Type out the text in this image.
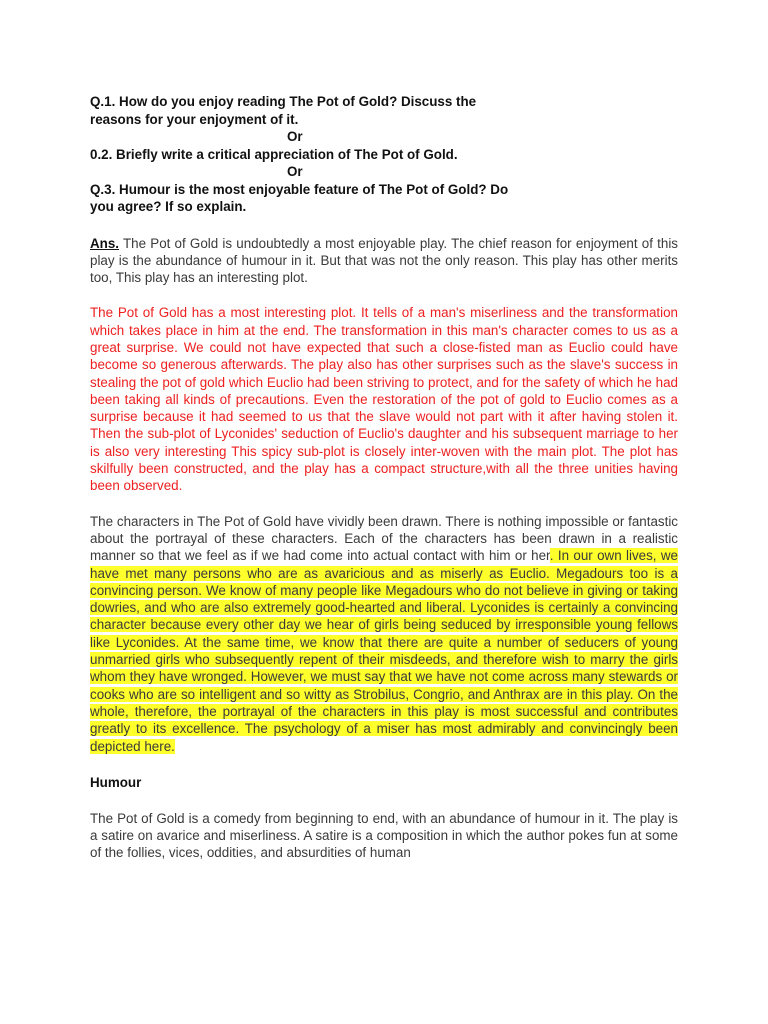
Q.1. How do you enjoy reading The Pot of Gold? Discuss the

reasons for your enjoyment of it.

Or

0.2. Briefly write a critical appreciation of The Pot of Gold.

Or

Q.3. Humour is the most enjoyable feature of The Pot of Gold? Do

you agree? If so explain.

Ans. The Pot of Gold is undoubtedly a most enjoyable play. The chief reason for enjoyment of this play is the abundance of humour in it. But that was not the only reason. This play has other merits too, This play has an interesting plot.

The Pot of Gold has a most interesting plot. It tells of a man's miserliness and the transformation which takes place in him at the end. The transformation in this man's character comes to us as a great surprise. We could not have expected that such a close-fisted man as Euclio could have become so generous afterwards. The play also has other surprises such as the slave's success in stealing the pot of gold which Euclio had been striving to protect, and for the safety of which he had been taking all kinds of precautions. Even the restoration of the pot of gold to Euclio comes as a surprise because it had seemed to us that the slave would not part with it after having stolen it. Then the sub-plot of Lyconides' seduction of Euclio's daughter and his subsequent marriage to her is also very interesting This spicy sub-plot is closely inter-woven with the main plot. The plot has skilfully been constructed, and the play has a compact structure,with all the three unities having been observed.

The characters in The Pot of Gold have vividly been drawn. There is nothing impossible or fantastic about the portrayal of these characters. Each of the characters has been drawn in a realistic manner so that we feel as if we had come into actual contact with him or her. In our own lives, we have met many persons who are as avaricious and as miserly as Euclio. Megadours too is a convincing person. We know of many people like Megadours who do not believe in giving or taking dowries, and who are also extremely good-hearted and liberal. Lyconides is certainly a convincing character because every other day we hear of girls being seduced by irresponsible young fellows like Lyconides. At the same time, we know that there are quite a number of seducers of young unmarried girls who subsequently repent of their misdeeds, and therefore wish to marry the girls whom they have wronged. However, we must say that we have not come across many stewards or cooks who are so intelligent and so witty as Strobilus, Congrio, and Anthrax are in this play. On the whole, therefore, the portrayal of the characters in this play is most successful and contributes greatly to its excellence. The psychology of a miser has most admirably and convincingly been depicted here.

Humour

The Pot of Gold is a comedy from beginning to end, with an abundance of humour in it. The play is a satire on avarice and miserliness. A satire is a composition in which the author pokes fun at some of the follies, vices, oddities, and absurdities of human
